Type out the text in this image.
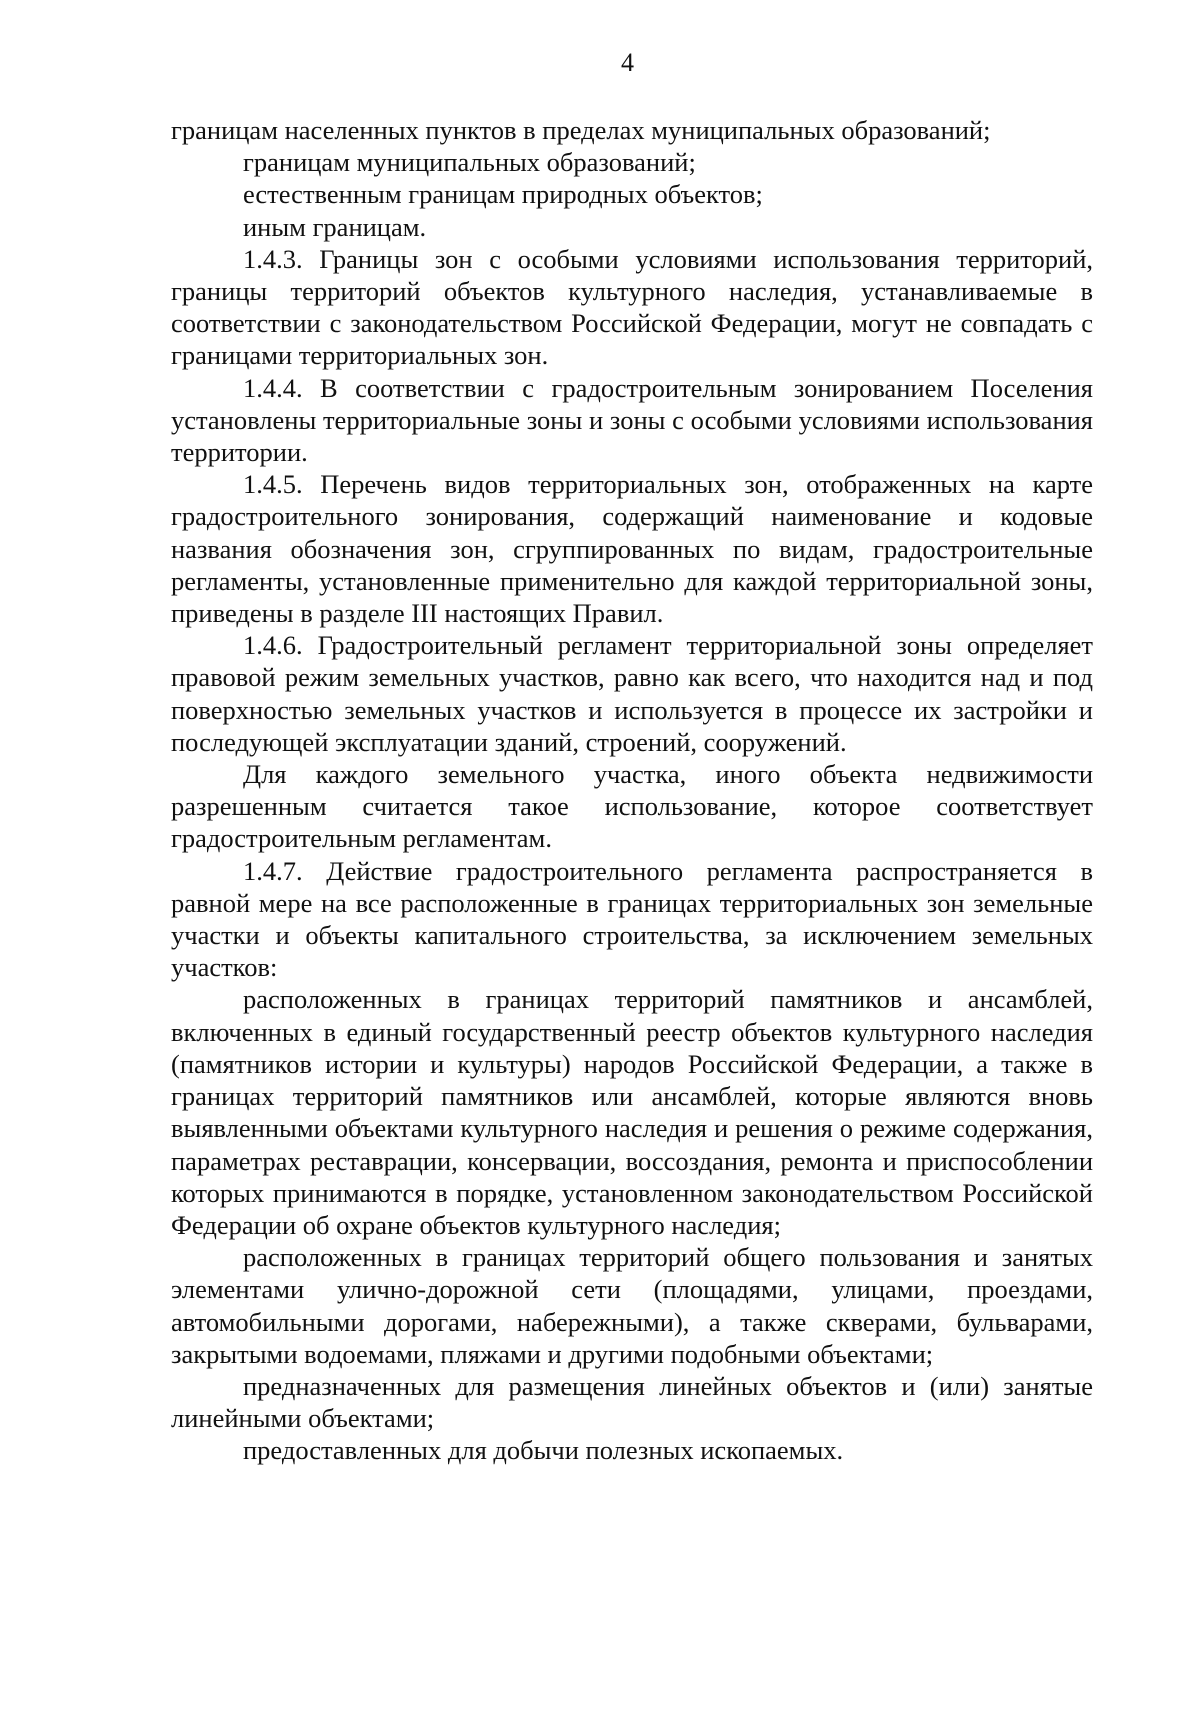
4

границам населенных пунктов в пределах муниципальных образований;

границам муниципальных образований;

естественным границам природных объектов;

иным границам.

1.4.3. Границы зон с особыми условиями использования территорий, границы территорий объектов культурного наследия, устанавливаемые в соответствии с законодательством Российской Федерации, могут не совпадать с границами территориальных зон.

1.4.4. В соответствии с градостроительным зонированием Поселения установлены территориальные зоны и зоны с особыми условиями использования территории.

1.4.5. Перечень видов территориальных зон, отображенных на карте градостроительного зонирования, содержащий наименование и кодовые названия обозначения зон, сгруппированных по видам, градостроительные регламенты, установленные применительно для каждой территориальной зоны, приведены в разделе III настоящих Правил.

1.4.6. Градостроительный регламент территориальной зоны определяет правовой режим земельных участков, равно как всего, что находится над и под поверхностью земельных участков и используется в процессе их застройки и последующей эксплуатации зданий, строений, сооружений.

Для каждого земельного участка, иного объекта недвижимости разрешенным считается такое использование, которое соответствует градостроительным регламентам.

1.4.7. Действие градостроительного регламента распространяется в равной мере на все расположенные в границах территориальных зон земельные участки и объекты капитального строительства, за исключением земельных участков:

расположенных в границах территорий памятников и ансамблей, включенных в единый государственный реестр объектов культурного наследия (памятников истории и культуры) народов Российской Федерации, а также в границах территорий памятников или ансамблей, которые являются вновь выявленными объектами культурного наследия и решения о режиме содержания, параметрах реставрации, консервации, воссоздания, ремонта и приспособлении которых принимаются в порядке, установленном законодательством Российской Федерации об охране объектов культурного наследия;

расположенных в границах территорий общего пользования и занятых элементами улично-дорожной сети (площадями, улицами, проездами, автомобильными дорогами, набережными), а также скверами, бульварами, закрытыми водоемами, пляжами и другими подобными объектами;

предназначенных для размещения линейных объектов и (или) занятые линейными объектами;

предоставленных для добычи полезных ископаемых.
